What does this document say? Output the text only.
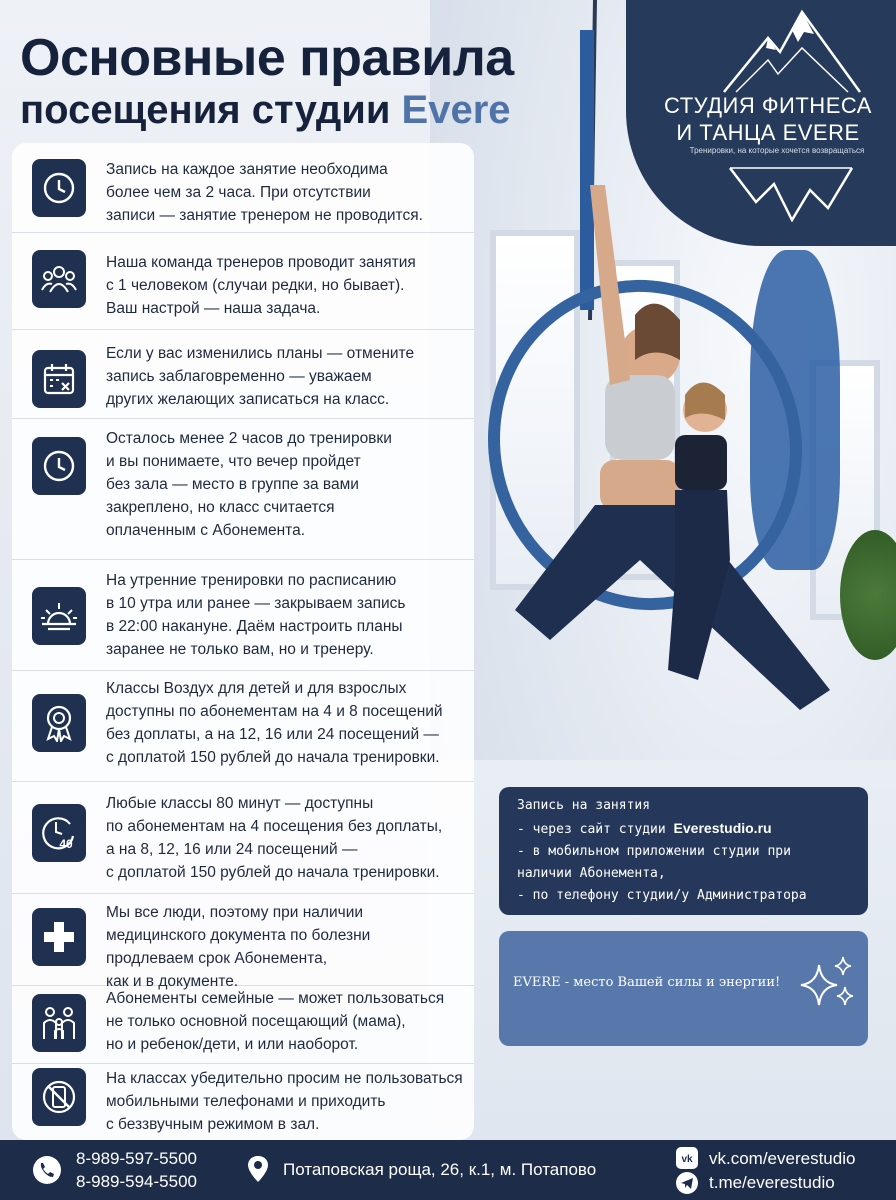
Основные правила
посещения студии Evere	СТУДИЯ ФИТНЕСА
И ТАНЦА EVERE
Тренировки, на которые хочется возвращаться
Запись на каждое занятие необходима
более чем за 2 часа. При отсутствии
записи — занятие тренером не проводится.
Наша команда тренеров проводит занятия
с 1 человеком (случаи редки, но бывает).
Ваш настрой — наша задача.
Если у вас изменились планы — отмените
запись заблаговременно — уважаем
других желающих записаться на класс.
Осталось менее 2 часов до тренировки
и вы понимаете, что вечер пройдет
без зала — место в группе за вами
закреплено, но класс считается
оплаченным с Абонемента.
На утренние тренировки по расписанию
в 10 утра или ранее — закрываем запись
в 22:00 накануне. Даём настроить планы
заранее не только вам, но и тренеру.
Классы Воздух для детей и для взрослых
доступны по абонементам на 4 и 8 посещений
без доплаты, а на 12, 16 или 24 посещений —
с доплатой 150 рублей до начала тренировки.
40
Любые классы 80 минут — доступны
по абонементам на 4 посещения без доплаты,
а на 8, 12, 16 или 24 посещений —
с доплатой 150 рублей до начала тренировки.
Мы все люди, поэтому при наличии
медицинского документа по болезни
продлеваем срок Абонемента,
как и в документе.
Абонементы семейные — может пользоваться
не только основной посещающий (мама),
но и ребенок/дети, и или наоборот.
На классах убедительно просим не пользоваться
мобильными телефонами и приходить
с беззвучным режимом в зал.
Запись на занятия
- через сайт студии Everestudio.ru
- в мобильном приложении студии при
наличии Абонемента,
- по телефону студии/у Администратора
EVERE - место Вашей силы и энергии!
8-989-597-5500
8-989-594-5500
Потаповская роща, 26, к.1, м. Потапово
vk vk.com/everestudio
t.me/everestudio
